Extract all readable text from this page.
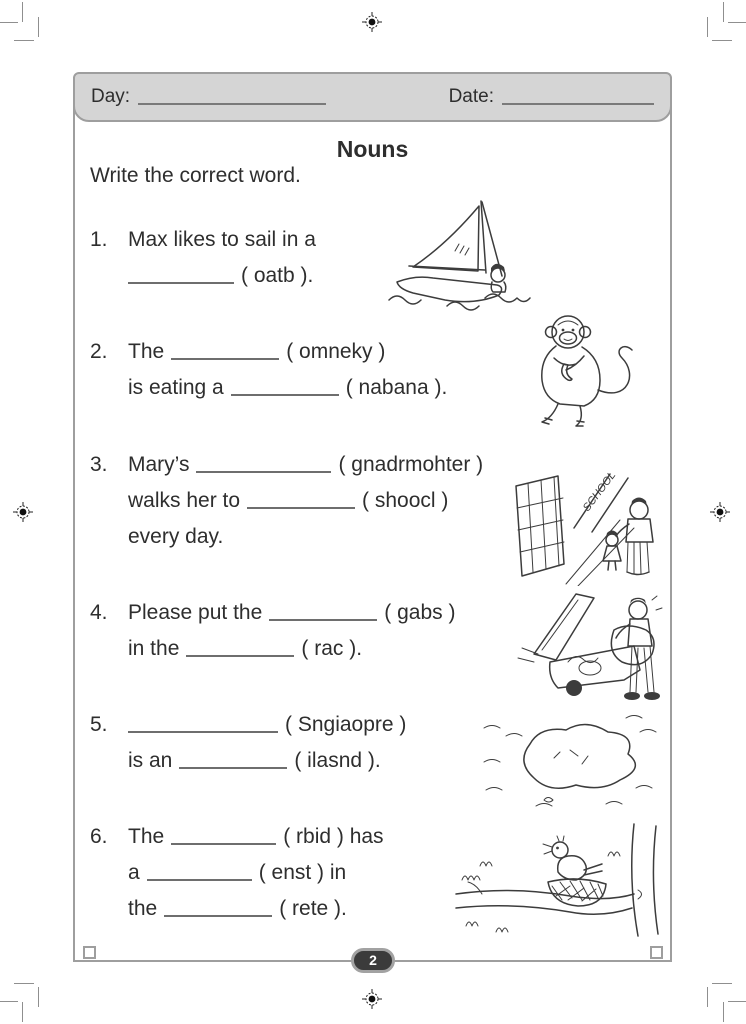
Day:	Date:
Nouns
Write the correct word.
1. Max likes to sail in a
( oatb ).
2. The	( omneky )
is eating a	( nabana ).
3. Mary’s	( gnadrmohter )
walks her to	( shoocl )
every day.
4. Please put the	( gabs )
in the	( rac ).
5.	( Sngiaopre )
is an	( ilasnd ).
6. The	( rbid ) has
a	( enst ) in
the	( rete ).
SCHOOL
2
